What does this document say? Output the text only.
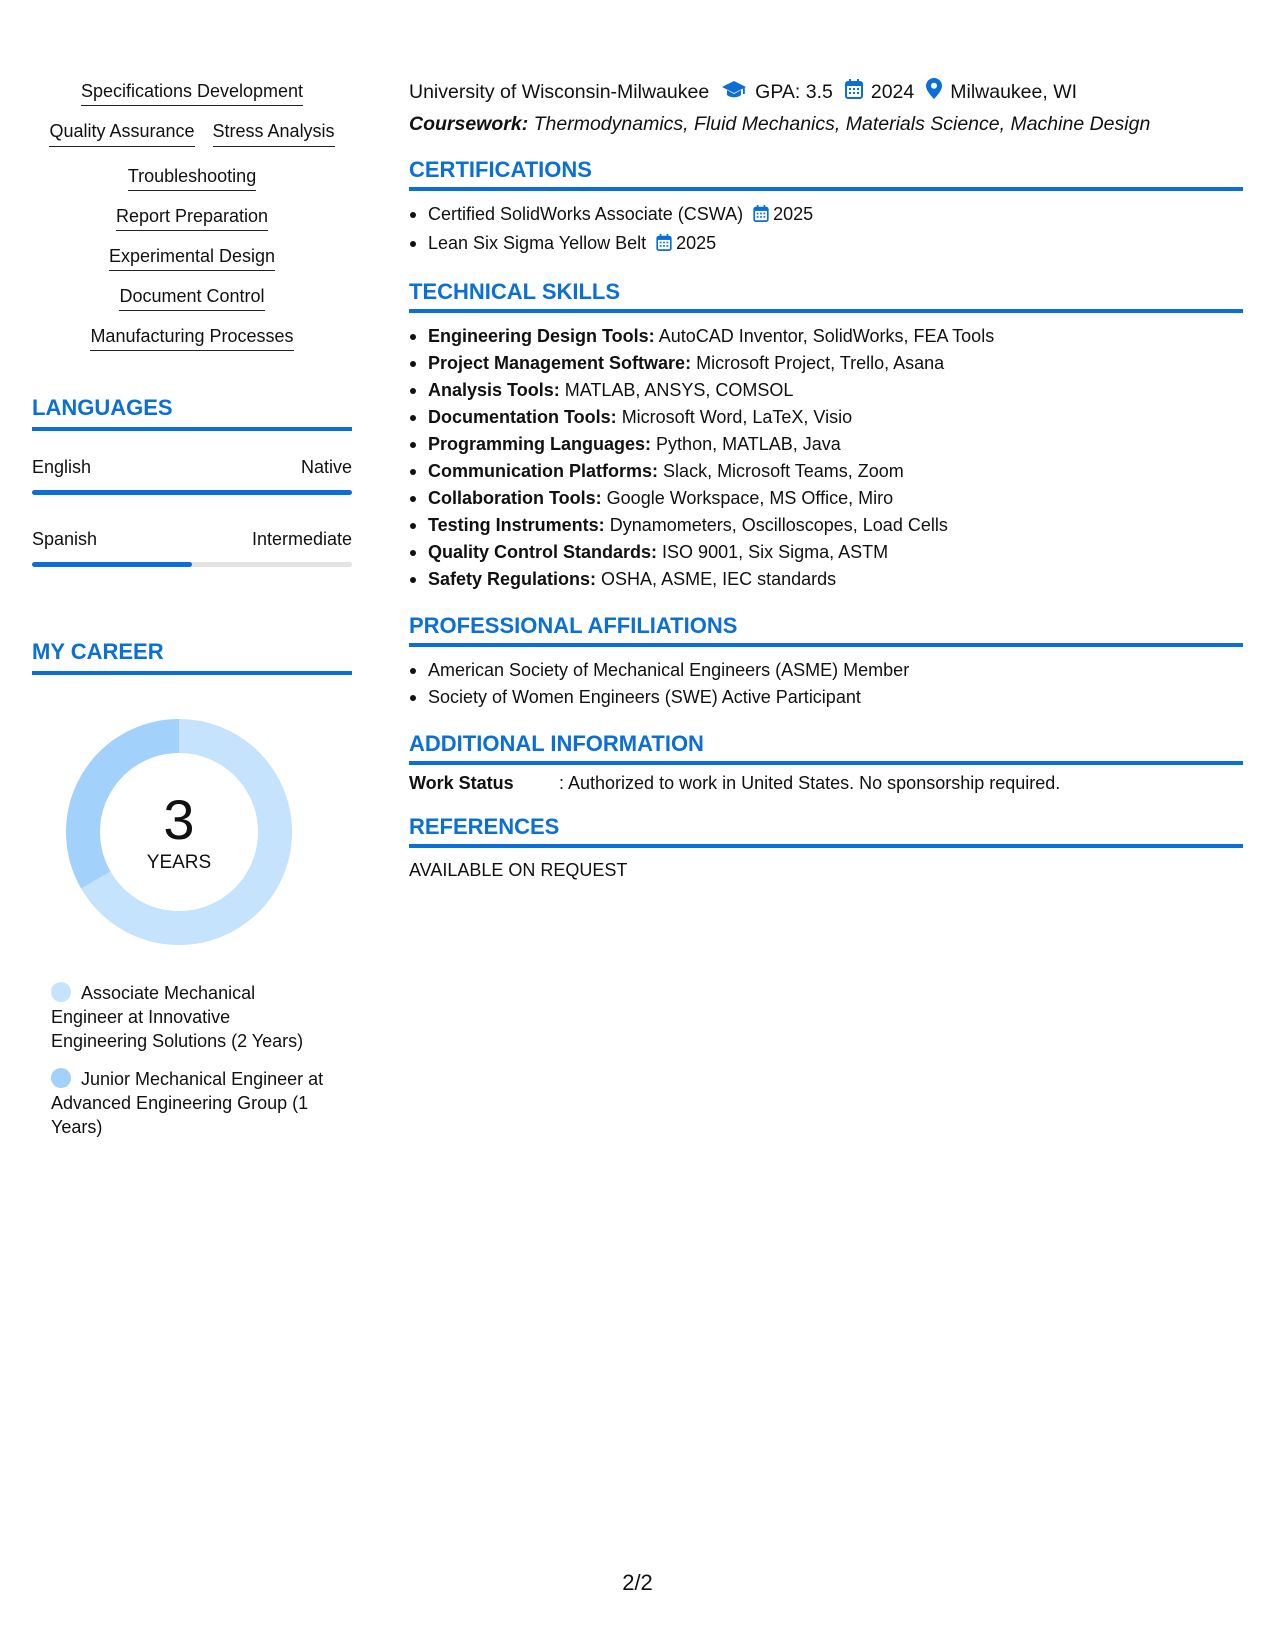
Specifications Development
Quality Assurance Stress Analysis
Troubleshooting
Report Preparation
Experimental Design
Document Control
Manufacturing Processes
LANGUAGES
English	Native
Spanish	Intermediate
MY CAREER
3
YEARS
Associate Mechanical Engineer at Innovative Engineering Solutions (2 Years)
Junior Mechanical Engineer at Advanced Engineering Group (1 Years)
University of Wisconsin-Milwaukee GPA: 3.5 2024 Milwaukee, WI
Coursework: Thermodynamics, Fluid Mechanics, Materials Science, Machine Design
CERTIFICATIONS
Certified SolidWorks Associate (CSWA) 2025
Lean Six Sigma Yellow Belt 2025
TECHNICAL SKILLS
Engineering Design Tools: AutoCAD Inventor, SolidWorks, FEA Tools
Project Management Software: Microsoft Project, Trello, Asana
Analysis Tools: MATLAB, ANSYS, COMSOL
Documentation Tools: Microsoft Word, LaTeX, Visio
Programming Languages: Python, MATLAB, Java
Communication Platforms: Slack, Microsoft Teams, Zoom
Collaboration Tools: Google Workspace, MS Office, Miro
Testing Instruments: Dynamometers, Oscilloscopes, Load Cells
Quality Control Standards: ISO 9001, Six Sigma, ASTM
Safety Regulations: OSHA, ASME, IEC standards
PROFESSIONAL AFFILIATIONS
American Society of Mechanical Engineers (ASME) Member
Society of Women Engineers (SWE) Active Participant
ADDITIONAL INFORMATION
Work Status	: Authorized to work in United States. No sponsorship required.
REFERENCES
AVAILABLE ON REQUEST
2/2
